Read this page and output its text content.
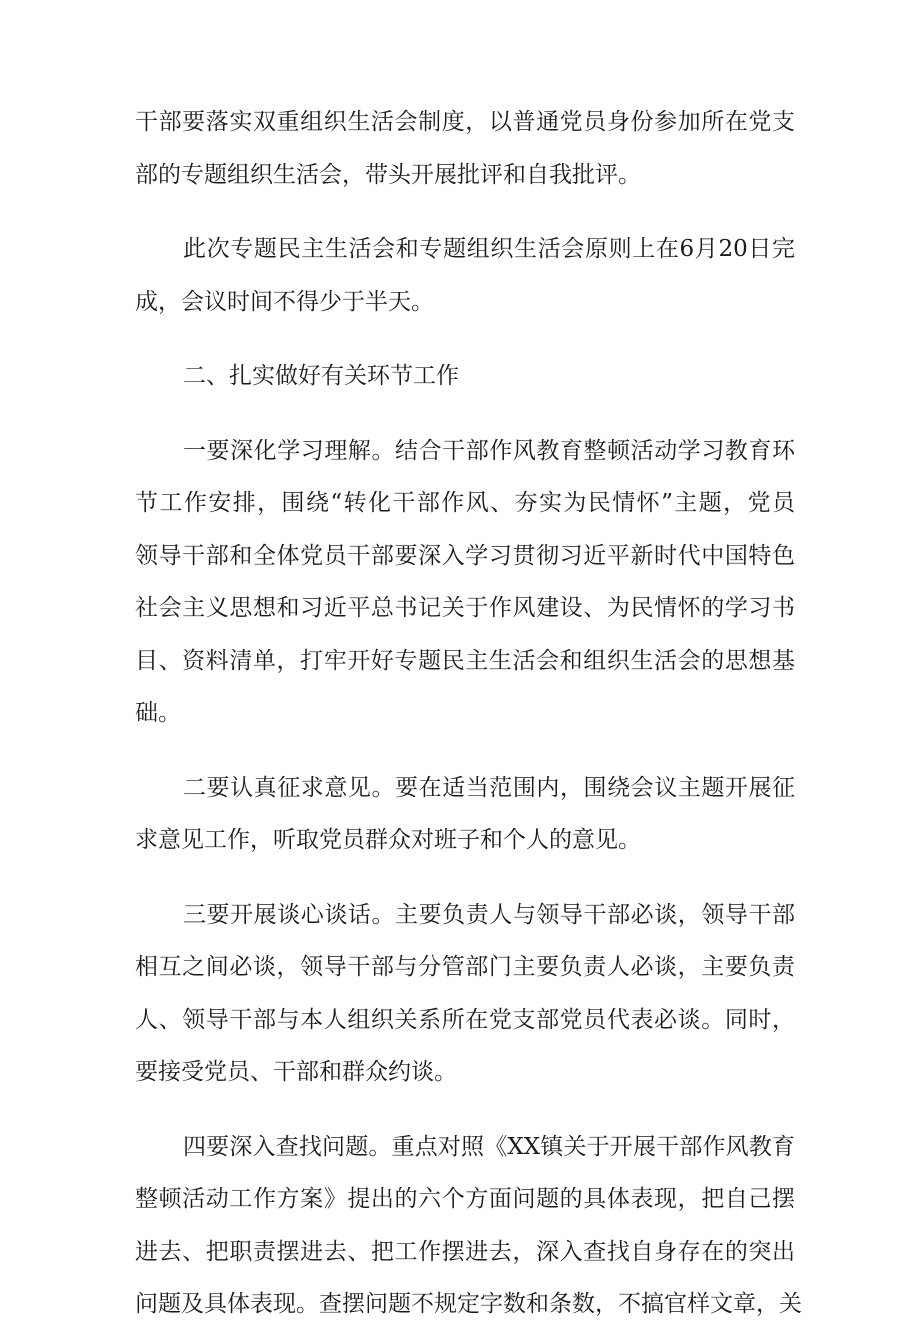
干部要落实双重组织生活会制度，以普通党员身份参加所在党支
部的专题组织生活会，带头开展批评和自我批评。
此次专题民主生活会和专题组织生活会原则上在6月20日完
成，会议时间不得少于半天。
二、扎实做好有关环节工作
一要深化学习理解。结合干部作风教育整顿活动学习教育环
节工作安排，围绕“转化干部作风、夯实为民情怀”主题，党员
领导干部和全体党员干部要深入学习贯彻习近平新时代中国特色
社会主义思想和习近平总书记关于作风建设、为民情怀的学习书
目、资料清单，打牢开好专题民主生活会和组织生活会的思想基
础。
二要认真征求意见。要在适当范围内，围绕会议主题开展征
求意见工作，听取党员群众对班子和个人的意见。
三要开展谈心谈话。主要负责人与领导干部必谈，领导干部
相互之间必谈，领导干部与分管部门主要负责人必谈，主要负责
人、领导干部与本人组织关系所在党支部党员代表必谈。同时，
要接受党员、干部和群众约谈。
四要深入查找问题。重点对照《XX镇关于开展干部作风教育
整顿活动工作方案》提出的六个方面问题的具体表现，把自己摆
进去、把职责摆进去、把工作摆进去，深入查找自身存在的突出
问题及具体表现。查摆问题不规定字数和条数，不搞官样文章，关
